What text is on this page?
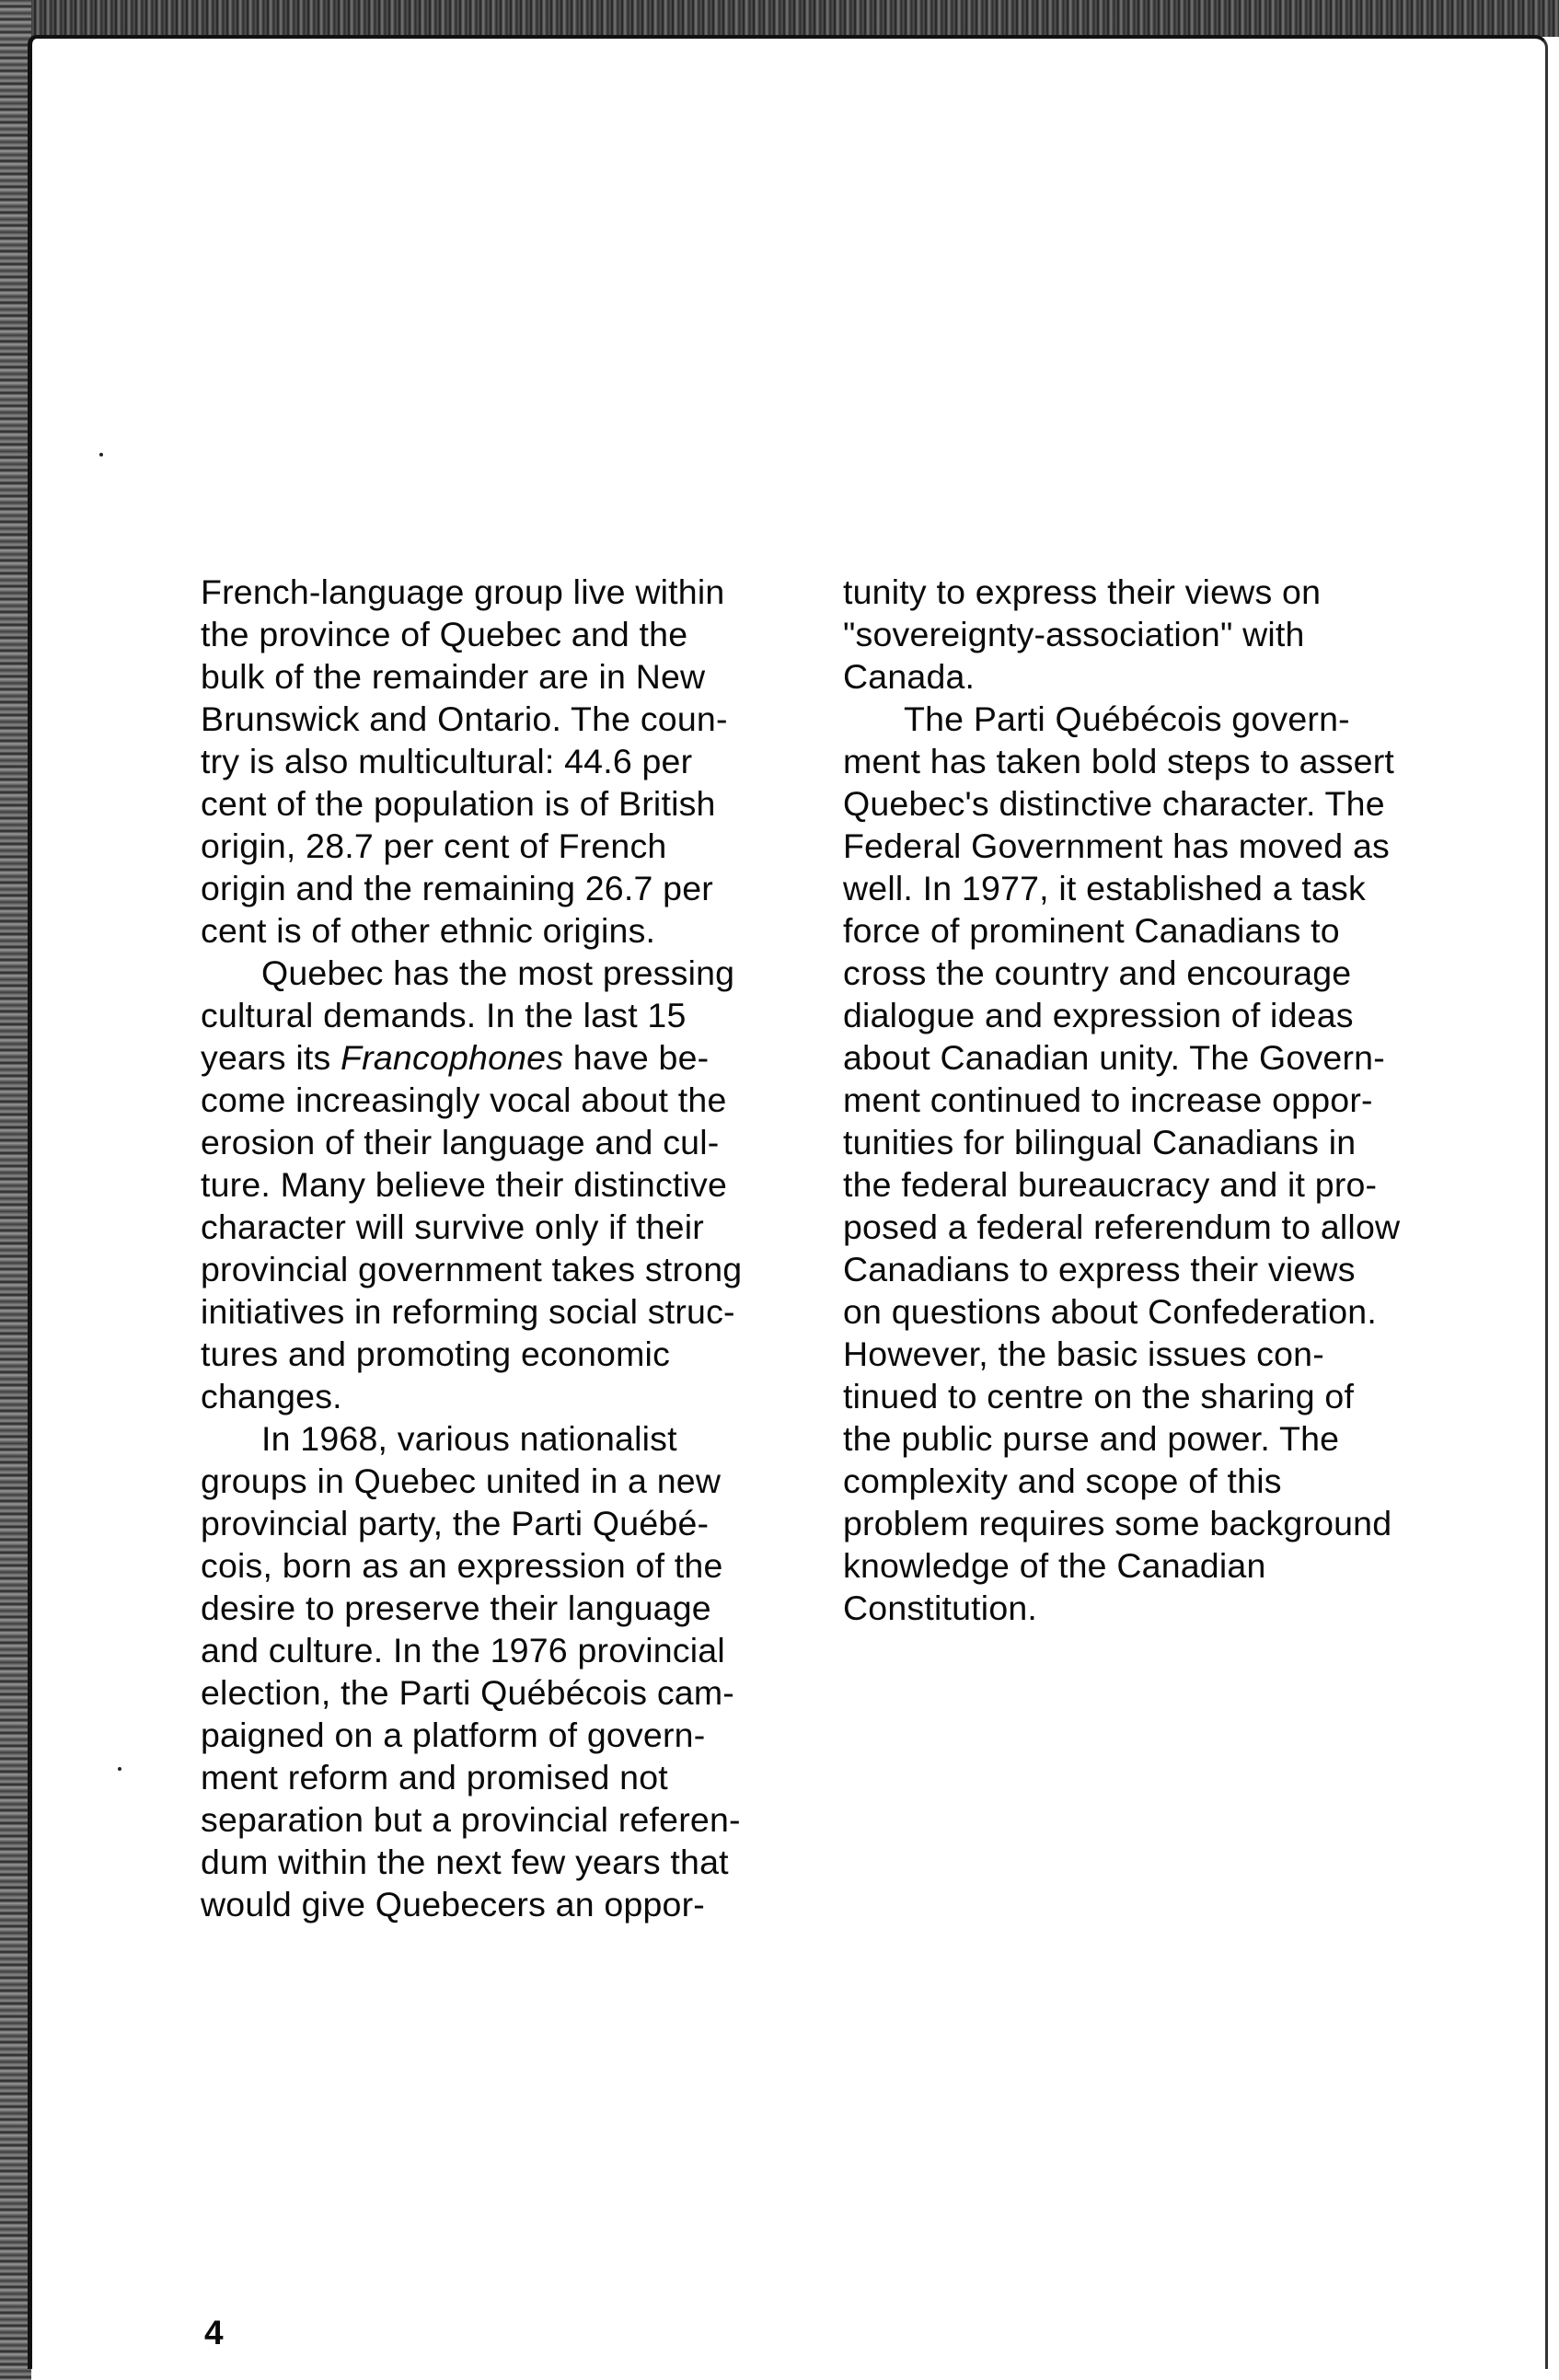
French-language group live within
the province of Quebec and the
bulk of the remainder are in New
Brunswick and Ontario. The coun-
try is also multicultural: 44.6 per
cent of the population is of British
origin, 28.7 per cent of French
origin and the remaining 26.7 per
cent is of other ethnic origins.
Quebec has the most pressing
cultural demands. In the last 15
years its Francophones have be-
come increasingly vocal about the
erosion of their language and cul-
ture. Many believe their distinctive
character will survive only if their
provincial government takes strong
initiatives in reforming social struc-
tures and promoting economic
changes.
In 1968, various nationalist
groups in Quebec united in a new
provincial party, the Parti Québé-
cois, born as an expression of the
desire to preserve their language
and culture. In the 1976 provincial
election, the Parti Québécois cam-
paigned on a platform of govern-
ment reform and promised not
separation but a provincial referen-
dum within the next few years that
would give Quebecers an oppor-
tunity to express their views on
"sovereignty-association" with
Canada.
The Parti Québécois govern-
ment has taken bold steps to assert
Quebec's distinctive character. The
Federal Government has moved as
well. In 1977, it established a task
force of prominent Canadians to
cross the country and encourage
dialogue and expression of ideas
about Canadian unity. The Govern-
ment continued to increase oppor-
tunities for bilingual Canadians in
the federal bureaucracy and it pro-
posed a federal referendum to allow
Canadians to express their views
on questions about Confederation.
However, the basic issues con-
tinued to centre on the sharing of
the public purse and power. The
complexity and scope of this
problem requires some background
knowledge of the Canadian
Constitution.
4
